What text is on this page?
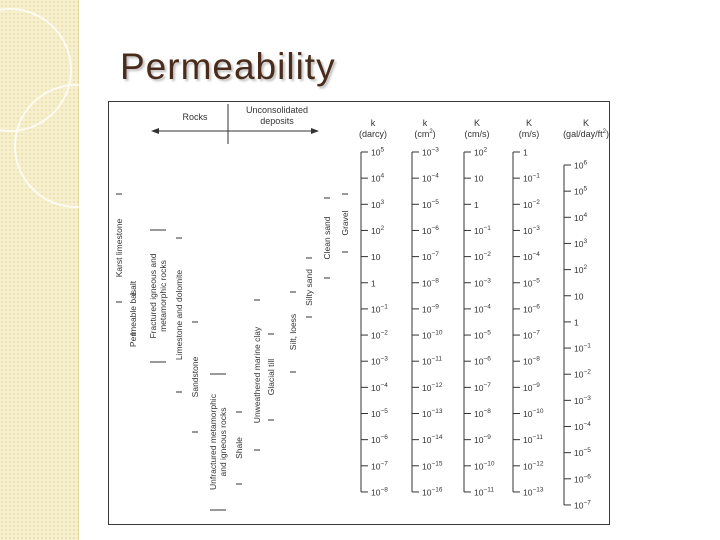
Permeability
Rocks
Unconsolidated
deposits	k
(darcy)
$10^5$
$10^4$
$10^3$
$10^2$
10
1
$10^{-1}$
$10^{-2}$
$10^{-3}$
$10^{-4}$
$10^{-5}$
$10^{-6}$
$10^{-7}$
$10^{-8}$
k
$(cm^2)$
$10^{-3}$
$10^{-4}$
$10^{-5}$
$10^{-6}$
$10^{-7}$
$10^{-8}$
$10^{-9}$
$10^{-10}$
$10^{-11}$
$10^{-12}$
$10^{-13}$
$10^{-14}$
$10^{-15}$
$10^{-16}$
K
(cm/s)
$10^2$
10
1
$10^{-1}$
$10^{-2}$
$10^{-3}$
$10^{-4}$
$10^{-5}$
$10^{-6}$
$10^{-7}$
$10^{-8}$
$10^{-9}$
$10^{-10}$
$10^{-11}$
K
(m/s)
1
$10^{-1}$
$10^{-2}$
$10^{-3}$
$10^{-4}$
$10^{-5}$
$10^{-6}$
$10^{-7}$
$10^{-8}$
$10^{-9}$
$10^{-10}$
$10^{-11}$
$10^{-12}$
$10^{-13}$
K
$(gal/day/ft^2)$
$10^6$
$10^5$
$10^4$
$10^3$
$10^2$
10
1
$10^{-1}$
$10^{-2}$
$10^{-3}$
$10^{-4}$
$10^{-5}$
$10^{-6}$
$10^{-7}$
Karst limestone
Permeable basalt Fractured igneous and metamorphic rocks Limestone and dolomite
Sandstone
Unfractured metamorphic and igneous rocks Shale
Unweathered marine clay Glacial till
Silt, loess
Silty sand
Clean sand Gravel
